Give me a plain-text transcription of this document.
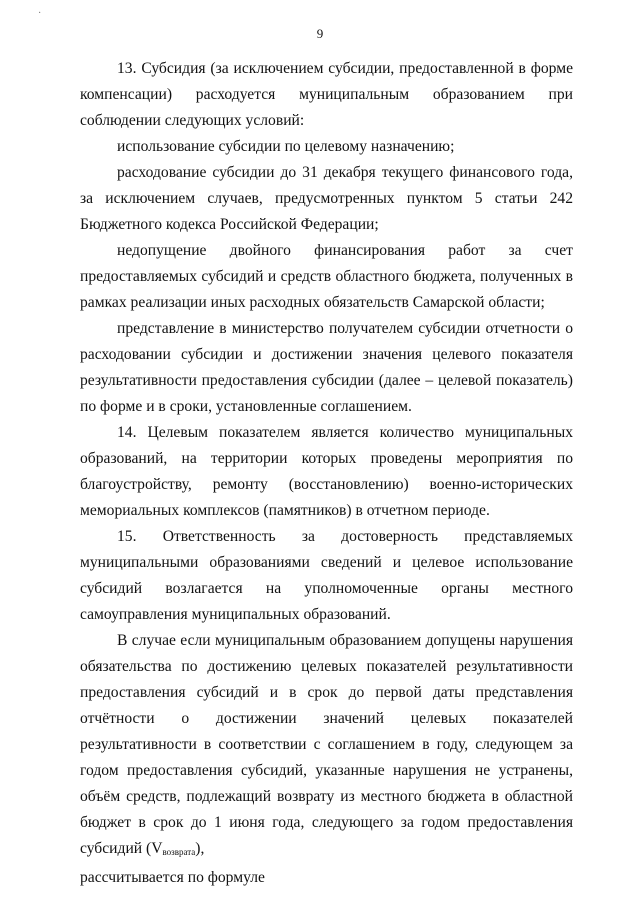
·
9

13. Субсидия (за исключением субсидии, предоставленной в форме компенсации) расходуется муниципальным образованием при соблюдении следующих условий:

использование субсидии по целевому назначению;

расходование субсидии до 31 декабря текущего финансового года, за исключением случаев, предусмотренных пунктом 5 статьи 242 Бюджетного кодекса Российской Федерации;

недопущение двойного финансирования работ за счет предоставляемых субсидий и средств областного бюджета, полученных в рамках реализации иных расходных обязательств Самарской области;

представление в министерство получателем субсидии отчетности о расходовании субсидии и достижении значения целевого показателя результативности предоставления субсидии (далее – целевой показатель) по форме и в сроки, установленные соглашением.

14. Целевым показателем является количество муниципальных образований, на территории которых проведены мероприятия по благоустройству, ремонту (восстановлению) военно-исторических мемориальных комплексов (памятников) в отчетном периоде.

15. Ответственность за достоверность представляемых муниципальными образованиями сведений и целевое использование субсидий возлагается на уполномоченные органы местного самоуправления муниципальных образований.

В случае если муниципальным образованием допущены нарушения обязательства по достижению целевых показателей результативности предоставления субсидий и в срок до первой даты представления отчётности о достижении значений целевых показателей результативности в соответствии с соглашением в году, следующем за годом предоставления субсидий, указанные нарушения не устранены, объём средств, подлежащий возврату из местного бюджета в областной бюджет в срок до 1 июня года, следующего за годом предоставления субсидий $(V_{возврата})$,

рассчитывается по формуле
